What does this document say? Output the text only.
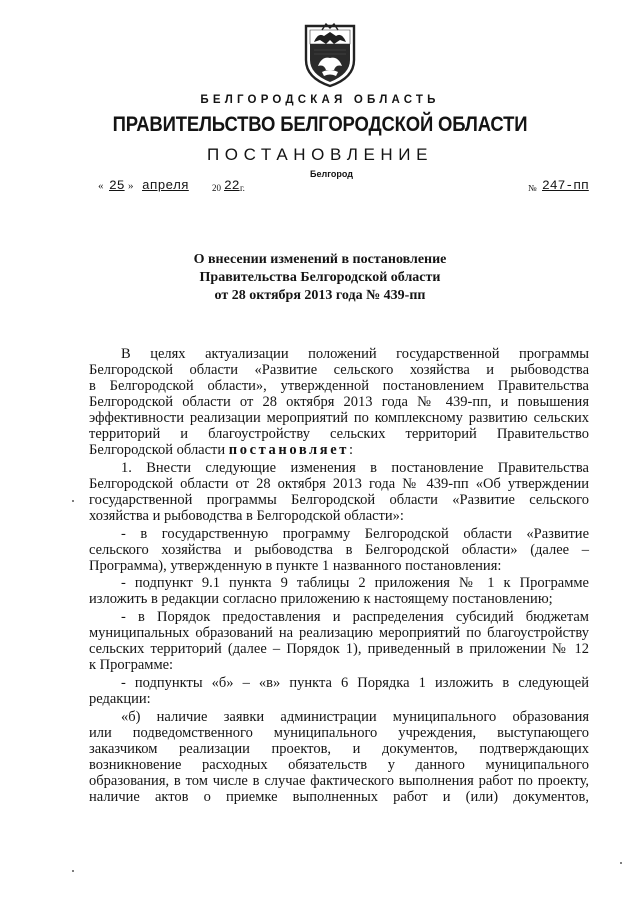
БЕЛГОРОДСКАЯ ОБЛАСТЬ
ПРАВИТЕЛЬСТВО БЕЛГОРОДСКОЙ ОБЛАСТИ
ПОСТАНОВЛЕНИЕ
Белгород
« 25 » апреля	20 22 г.	№ 247-пп
О внесении изменений в постановление
Правительства Белгородской области
от 28 октября 2013 года № 439-пп
В целях актуализации положений государственной программы
Белгородской области «Развитие сельского хозяйства и рыбоводства
в Белгородской области», утвержденной постановлением Правительства
Белгородской области от 28 октября 2013 года № 439-пп, и повышения
эффективности реализации мероприятий по комплексному развитию сельских
территорий и благоустройству сельских территорий Правительство
Белгородской области постановляет:
1. Внести следующие изменения в постановление Правительства
Белгородской области от 28 октября 2013 года № 439-пп «Об утверждении
государственной программы Белгородской области «Развитие сельского
хозяйства и рыбоводства в Белгородской области»:
- в государственную программу Белгородской области «Развитие
сельского хозяйства и рыбоводства в Белгородской области» (далее –
Программа), утвержденную в пункте 1 названного постановления:
- подпункт 9.1 пункта 9 таблицы 2 приложения № 1 к Программе
изложить в редакции согласно приложению к настоящему постановлению;
- в Порядок предоставления и распределения субсидий бюджетам
муниципальных образований на реализацию мероприятий по благоустройству
сельских территорий (далее – Порядок 1), приведенный в приложении № 12
к Программе:
- подпункты «б» – «в» пункта 6 Порядка 1 изложить в следующей
редакции:
«б) наличие заявки администрации муниципального образования
или подведомственного муниципального учреждения, выступающего
заказчиком реализации проектов, и документов, подтверждающих
возникновение расходных обязательств у данного муниципального
образования, в том числе в случае фактического выполнения работ по проекту,
наличие актов о приемке выполненных работ и (или) документов,
